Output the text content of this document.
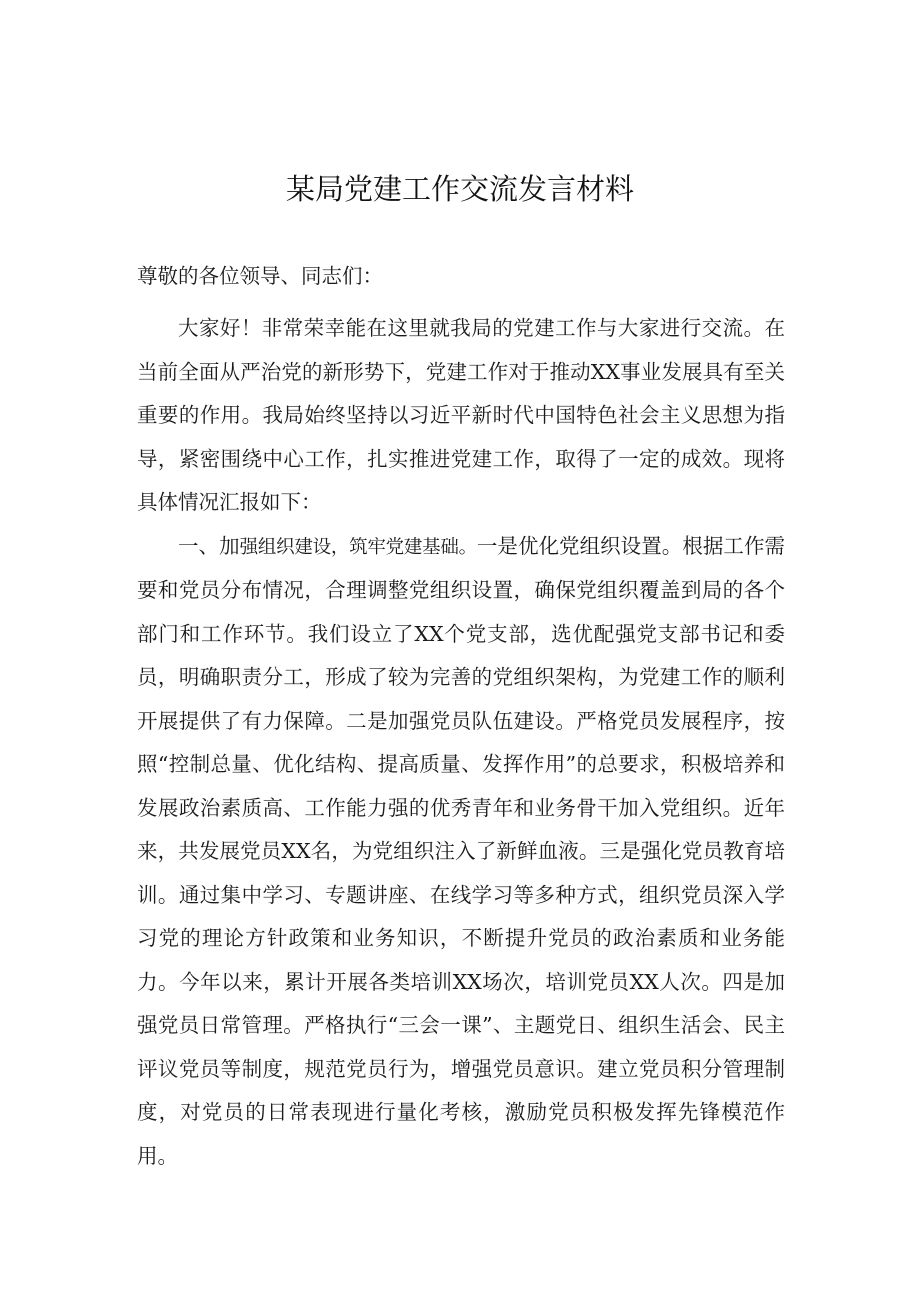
某局党建工作交流发言材料

尊敬的各位领导、同志们：

大家好！非常荣幸能在这里就我局的党建工作与大家进行交流。在当前全面从严治党的新形势下，党建工作对于推动XX事业发展具有至关重要的作用。我局始终坚持以习近平新时代中国特色社会主义思想为指导，紧密围绕中心工作，扎实推进党建工作，取得了一定的成效。现将具体情况汇报如下：

一、加强组织建设，筑牢党建基础。一是优化党组织设置。根据工作需要和党员分布情况，合理调整党组织设置，确保党组织覆盖到局的各个部门和工作环节。我们设立了XX个党支部，选优配强党支部书记和委员，明确职责分工，形成了较为完善的党组织架构，为党建工作的顺利开展提供了有力保障。二是加强党员队伍建设。严格党员发展程序，按照“控制总量、优化结构、提高质量、发挥作用”的总要求，积极培养和发展政治素质高、工作能力强的优秀青年和业务骨干加入党组织。近年来，共发展党员XX名，为党组织注入了新鲜血液。三是强化党员教育培训。通过集中学习、专题讲座、在线学习等多种方式，组织党员深入学习党的理论方针政策和业务知识，不断提升党员的政治素质和业务能力。今年以来，累计开展各类培训XX场次，培训党员XX人次。四是加强党员日常管理。严格执行“三会一课”、主题党日、组织生活会、民主评议党员等制度，规范党员行为，增强党员意识。建立党员积分管理制度，对党员的日常表现进行量化考核，激励党员积极发挥先锋模范作用。
